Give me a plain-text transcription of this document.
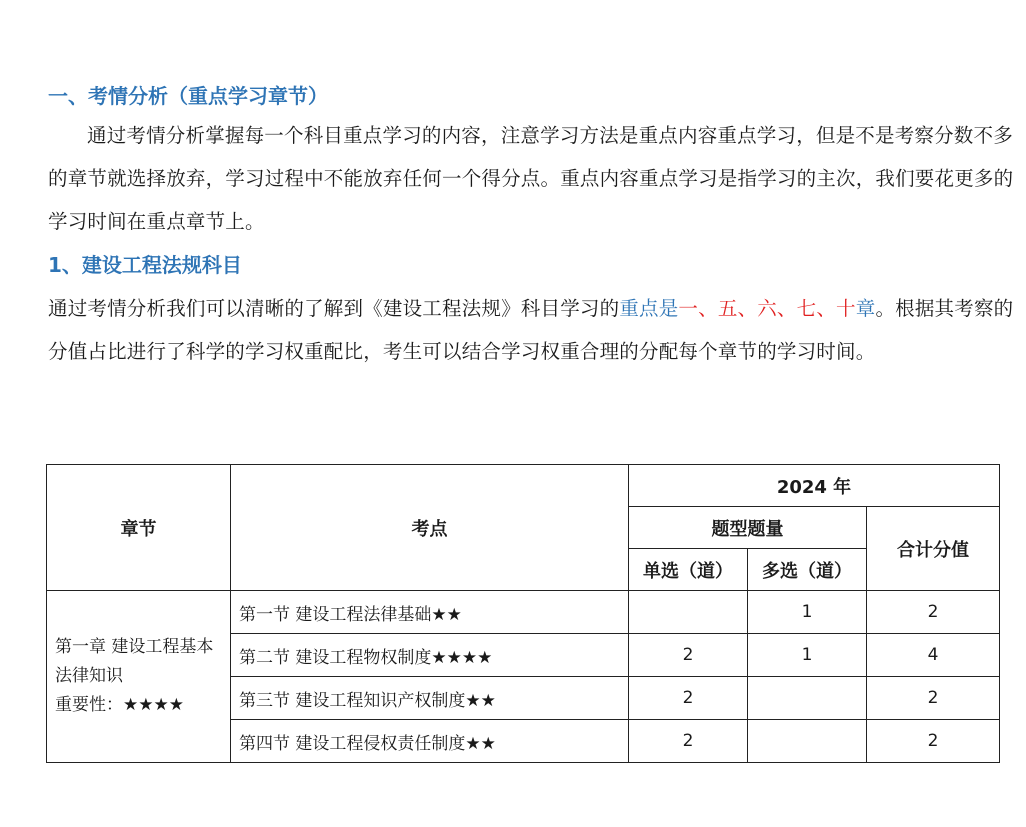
一、考情分析（重点学习章节）

通过考情分析掌握每一个科目重点学习的内容，注意学习方法是重点内容重点学习，但是不是考察分数不多的章节就选择放弃，学习过程中不能放弃任何一个得分点。重点内容重点学习是指学习的主次，我们要花更多的学习时间在重点章节上。

1、建设工程法规科目

通过考情分析我们可以清晰的了解到《建设工程法规》科目学习的重点是一、五、六、七、十章。根据其考察的分值占比进行了科学的学习权重配比，考生可以结合学习权重合理的分配每个章节的学习时间。

章节	考点	2024 年		
		题型题量		合计分值
		单选（道）	多选（道）	

第一章 建设工程基本法律知识
重要性：★★★★	第一节 建设工程法律基础★★		1	2
	第二节 建设工程物权制度★★★★	2	1	4
	第三节 建设工程知识产权制度★★	2		2
	第四节 建设工程侵权责任制度★★	2		2
